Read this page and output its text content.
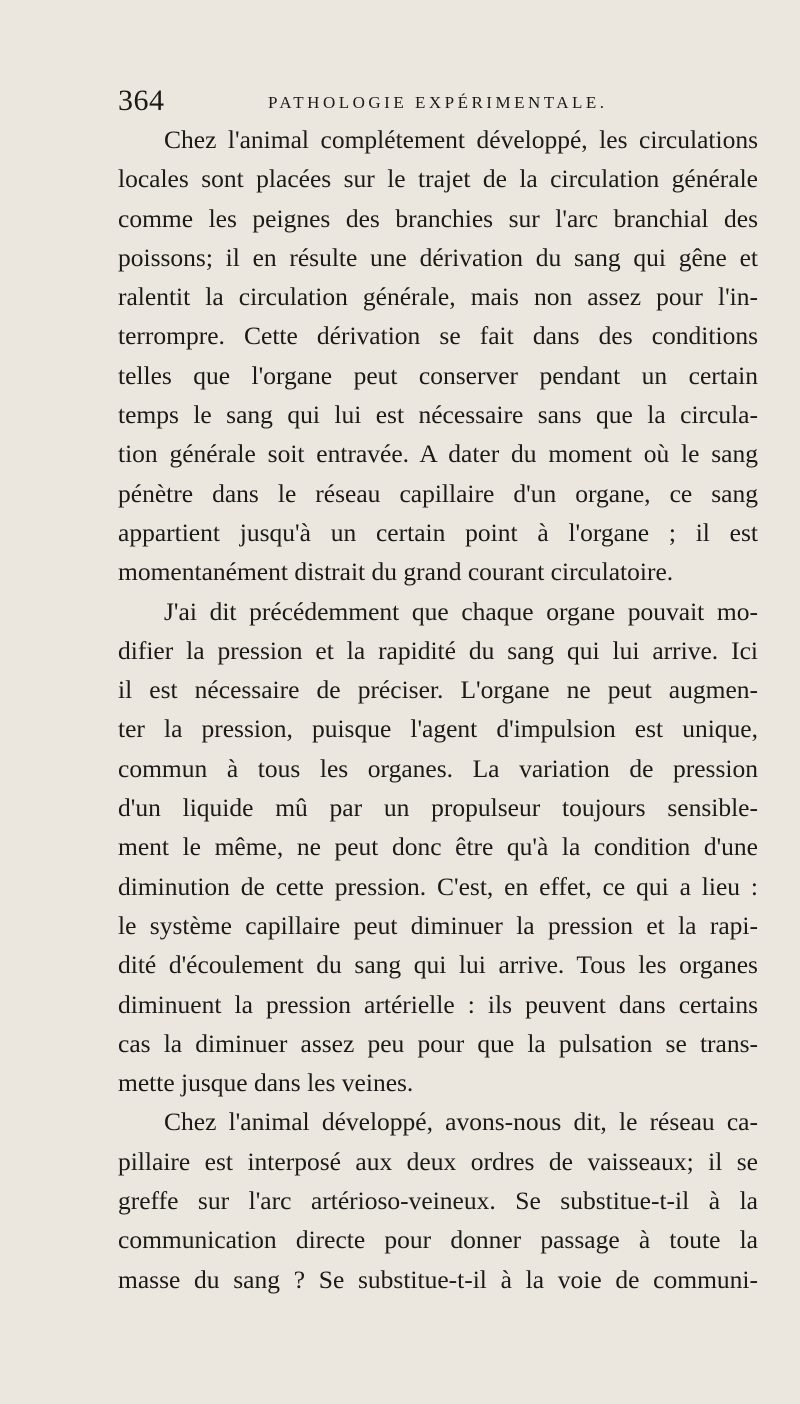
364	PATHOLOGIE EXPÉRIMENTALE.
Chez l'animal complétement développé, les circulations
locales sont placées sur le trajet de la circulation générale
comme les peignes des branchies sur l'arc branchial des
poissons; il en résulte une dérivation du sang qui gêne et
ralentit la circulation générale, mais non assez pour l'in-
terrompre. Cette dérivation se fait dans des conditions
telles que l'organe peut conserver pendant un certain
temps le sang qui lui est nécessaire sans que la circula-
tion générale soit entravée. A dater du moment où le sang
pénètre dans le réseau capillaire d'un organe, ce sang
appartient jusqu'à un certain point à l'organe ; il est
momentanément distrait du grand courant circulatoire.
J'ai dit précédemment que chaque organe pouvait mo-
difier la pression et la rapidité du sang qui lui arrive. Ici
il est nécessaire de préciser. L'organe ne peut augmen-
ter la pression, puisque l'agent d'impulsion est unique,
commun à tous les organes. La variation de pression
d'un liquide mû par un propulseur toujours sensible-
ment le même, ne peut donc être qu'à la condition d'une
diminution de cette pression. C'est, en effet, ce qui a lieu :
le système capillaire peut diminuer la pression et la rapi-
dité d'écoulement du sang qui lui arrive. Tous les organes
diminuent la pression artérielle : ils peuvent dans certains
cas la diminuer assez peu pour que la pulsation se trans-
mette jusque dans les veines.
Chez l'animal développé, avons-nous dit, le réseau ca-
pillaire est interposé aux deux ordres de vaisseaux; il se
greffe sur l'arc artérioso-veineux. Se substitue-t-il à la
communication directe pour donner passage à toute la
masse du sang ? Se substitue-t-il à la voie de communi-
